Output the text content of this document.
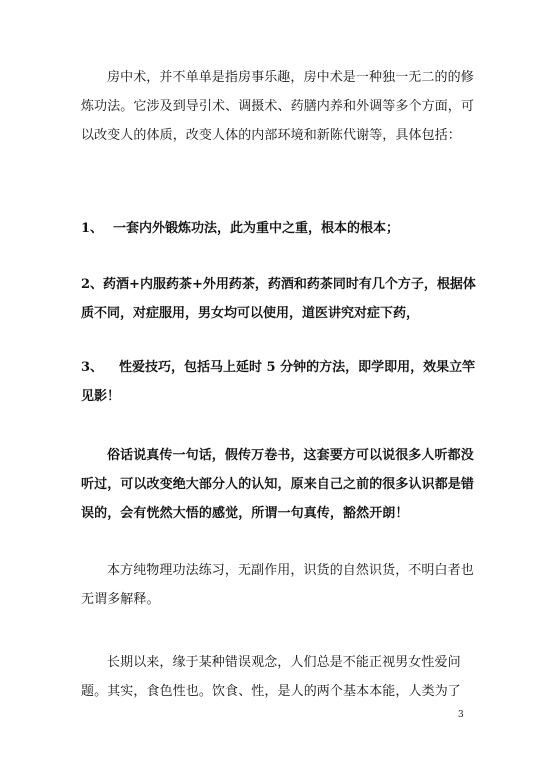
房中术，并不单单是指房事乐趣，房中术是一种独一无二的的修炼功法。它涉及到导引术、调摄术、药膳内养和外调等多个方面，可以改变人的体质，改变人体的内部环境和新陈代谢等，具体包括：

1、 一套内外锻炼功法，此为重中之重，根本的根本；

2、药酒+内服药茶+外用药茶，药酒和药茶同时有几个方子，根据体质不同，对症服用，男女均可以使用，道医讲究对症下药，

3、 性爱技巧，包括马上延时 5 分钟的方法，即学即用，效果立竿见影！

俗话说真传一句话，假传万卷书，这套要方可以说很多人听都没听过，可以改变绝大部分人的认知，原来自己之前的很多认识都是错误的，会有恍然大悟的感觉，所谓一句真传，豁然开朗！

本方纯物理功法练习，无副作用，识货的自然识货，不明白者也无谓多解释。

长期以来，缘于某种错误观念，人们总是不能正视男女性爱问题。其实，食色性也。饮食、性，是人的两个基本本能，人类为了

3
